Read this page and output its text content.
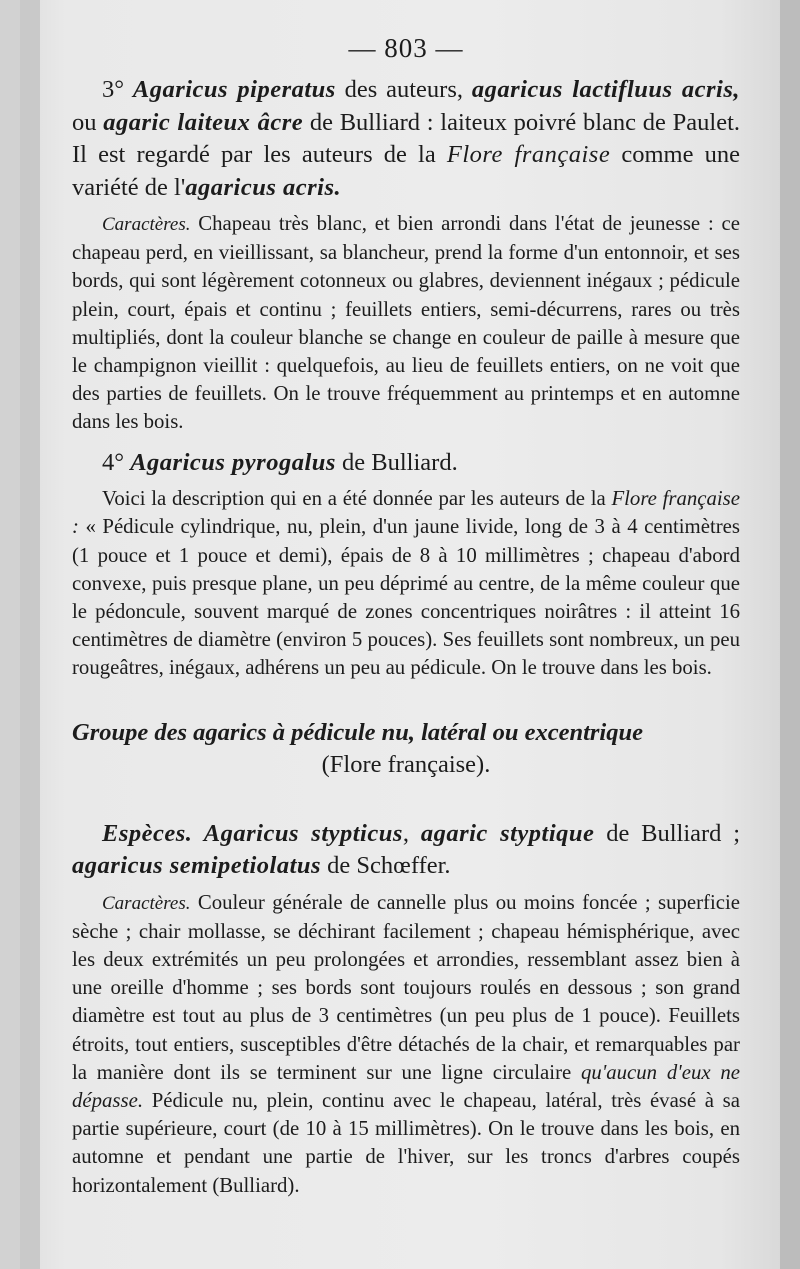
— 803 —

3° Agaricus piperatus des auteurs, agaricus lactifluus acris, ou agaric laiteux âcre de Bulliard : laiteux poivré blanc de Paulet. Il est regardé par les auteurs de la Flore française comme une variété de l'agaricus acris.

Caractères. Chapeau très blanc, et bien arrondi dans l'état de jeunesse : ce chapeau perd, en vieillissant, sa blancheur, prend la forme d'un entonnoir, et ses bords, qui sont légèrement cotonneux ou glabres, deviennent inégaux ; pédicule plein, court, épais et continu ; feuillets entiers, semi-décurrens, rares ou très multipliés, dont la couleur blanche se change en couleur de paille à mesure que le champignon vieillit : quelquefois, au lieu de feuillets entiers, on ne voit que des parties de feuillets. On le trouve fréquemment au printemps et en automne dans les bois.

4° Agaricus pyrogalus de Bulliard.

Voici la description qui en a été donnée par les auteurs de la Flore française : « Pédicule cylindrique, nu, plein, d'un jaune livide, long de 3 à 4 centimètres (1 pouce et 1 pouce et demi), épais de 8 à 10 millimètres ; chapeau d'abord convexe, puis presque plane, un peu déprimé au centre, de la même couleur que le pédoncule, souvent marqué de zones concentriques noirâtres : il atteint 16 centimètres de diamètre (environ 5 pouces). Ses feuillets sont nombreux, un peu rougeâtres, inégaux, adhérens un peu au pédicule. On le trouve dans les bois.

Groupe des agarics à pédicule nu, latéral ou excentrique

(Flore française).

Espèces. Agaricus stypticus, agaric styptique de Bulliard ; agaricus semipetiolatus de Schœffer.

Caractères. Couleur générale de cannelle plus ou moins foncée ; superficie sèche ; chair mollasse, se déchirant facilement ; chapeau hémisphérique, avec les deux extrémités un peu prolongées et arrondies, ressemblant assez bien à une oreille d'homme ; ses bords sont toujours roulés en dessous ; son grand diamètre est tout au plus de 3 centimètres (un peu plus de 1 pouce). Feuillets étroits, tout entiers, susceptibles d'être détachés de la chair, et remarquables par la manière dont ils se terminent sur une ligne circulaire qu'aucun d'eux ne dépasse. Pédicule nu, plein, continu avec le chapeau, latéral, très évasé à sa partie supérieure, court (de 10 à 15 millimètres). On le trouve dans les bois, en automne et pendant une partie de l'hiver, sur les troncs d'arbres coupés horizontalement (Bulliard).
